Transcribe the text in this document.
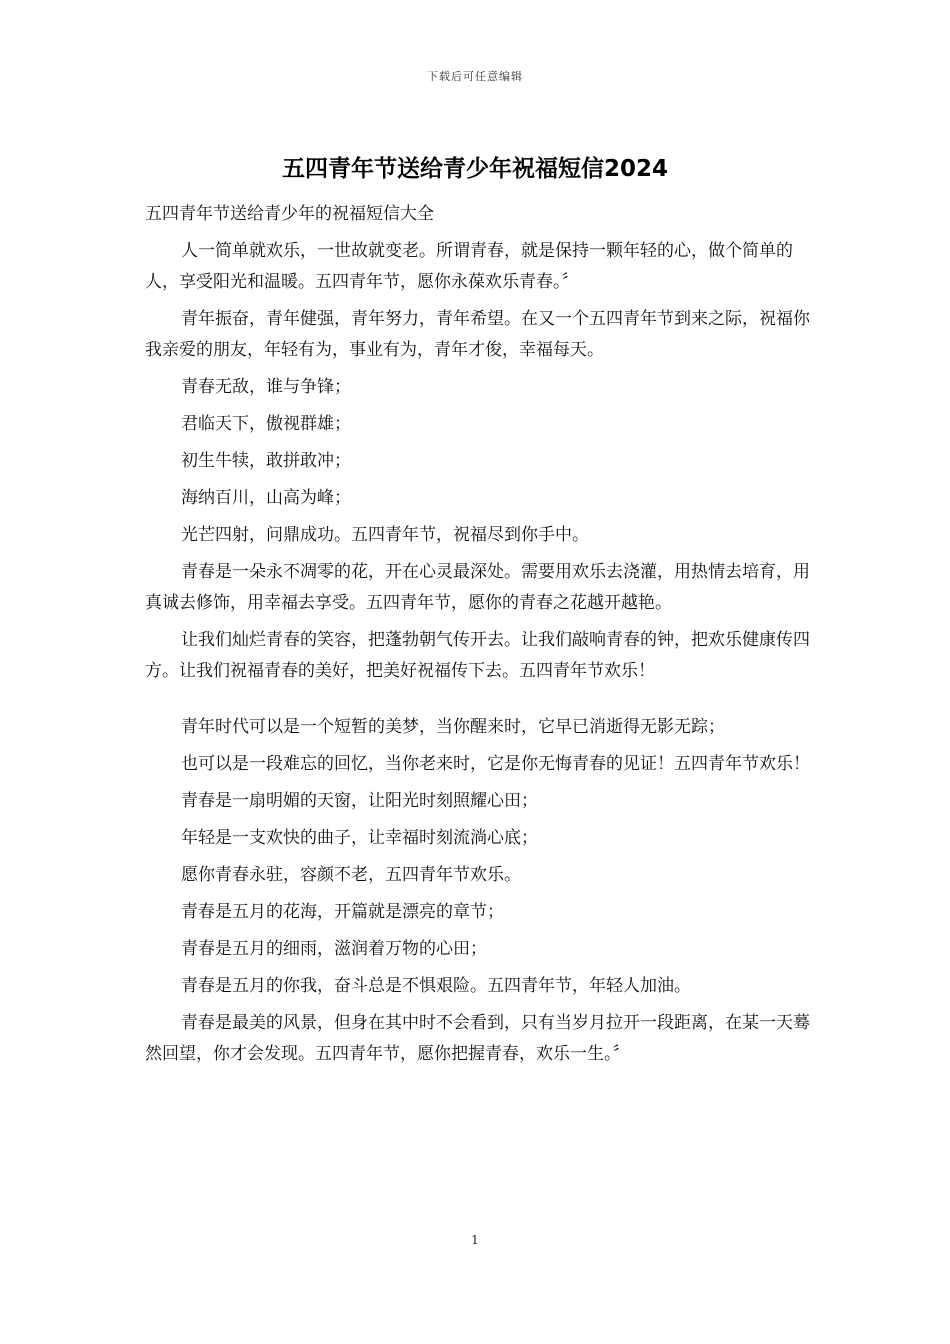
下载后可任意编辑
五四青年节送给青少年祝福短信2024

五四青年节送给青少年的祝福短信大全

人一简单就欢乐，一世故就变老。所谓青春，就是保持一颗年轻的心，做个简单的人，享受阳光和温暖。五四青年节，愿你永葆欢乐青春。〞

青年振奋，青年健强，青年努力，青年希望。在又一个五四青年节到来之际，祝福你我亲爱的朋友，年轻有为，事业有为，青年才俊，幸福每天。

青春无敌，谁与争锋；

君临天下，傲视群雄；

初生牛犊，敢拼敢冲；

海纳百川，山高为峰；

光芒四射，问鼎成功。五四青年节，祝福尽到你手中。

青春是一朵永不凋零的花，开在心灵最深处。需要用欢乐去浇灌，用热情去培育，用真诚去修饰，用幸福去享受。五四青年节，愿你的青春之花越开越艳。

让我们灿烂青春的笑容，把蓬勃朝气传开去。让我们敲响青春的钟，把欢乐健康传四方。让我们祝福青春的美好，把美好祝福传下去。五四青年节欢乐！

青年时代可以是一个短暂的美梦，当你醒来时，它早已消逝得无影无踪；

也可以是一段难忘的回忆，当你老来时，它是你无悔青春的见证！五四青年节欢乐！

青春是一扇明媚的天窗，让阳光时刻照耀心田；

年轻是一支欢快的曲子，让幸福时刻流淌心底；

愿你青春永驻，容颜不老，五四青年节欢乐。

青春是五月的花海，开篇就是漂亮的章节；

青春是五月的细雨，滋润着万物的心田；

青春是五月的你我，奋斗总是不惧艰险。五四青年节，年轻人加油。

青春是最美的风景，但身在其中时不会看到，只有当岁月拉开一段距离，在某一天蓦然回望，你才会发现。五四青年节，愿你把握青春，欢乐一生。〞

1
